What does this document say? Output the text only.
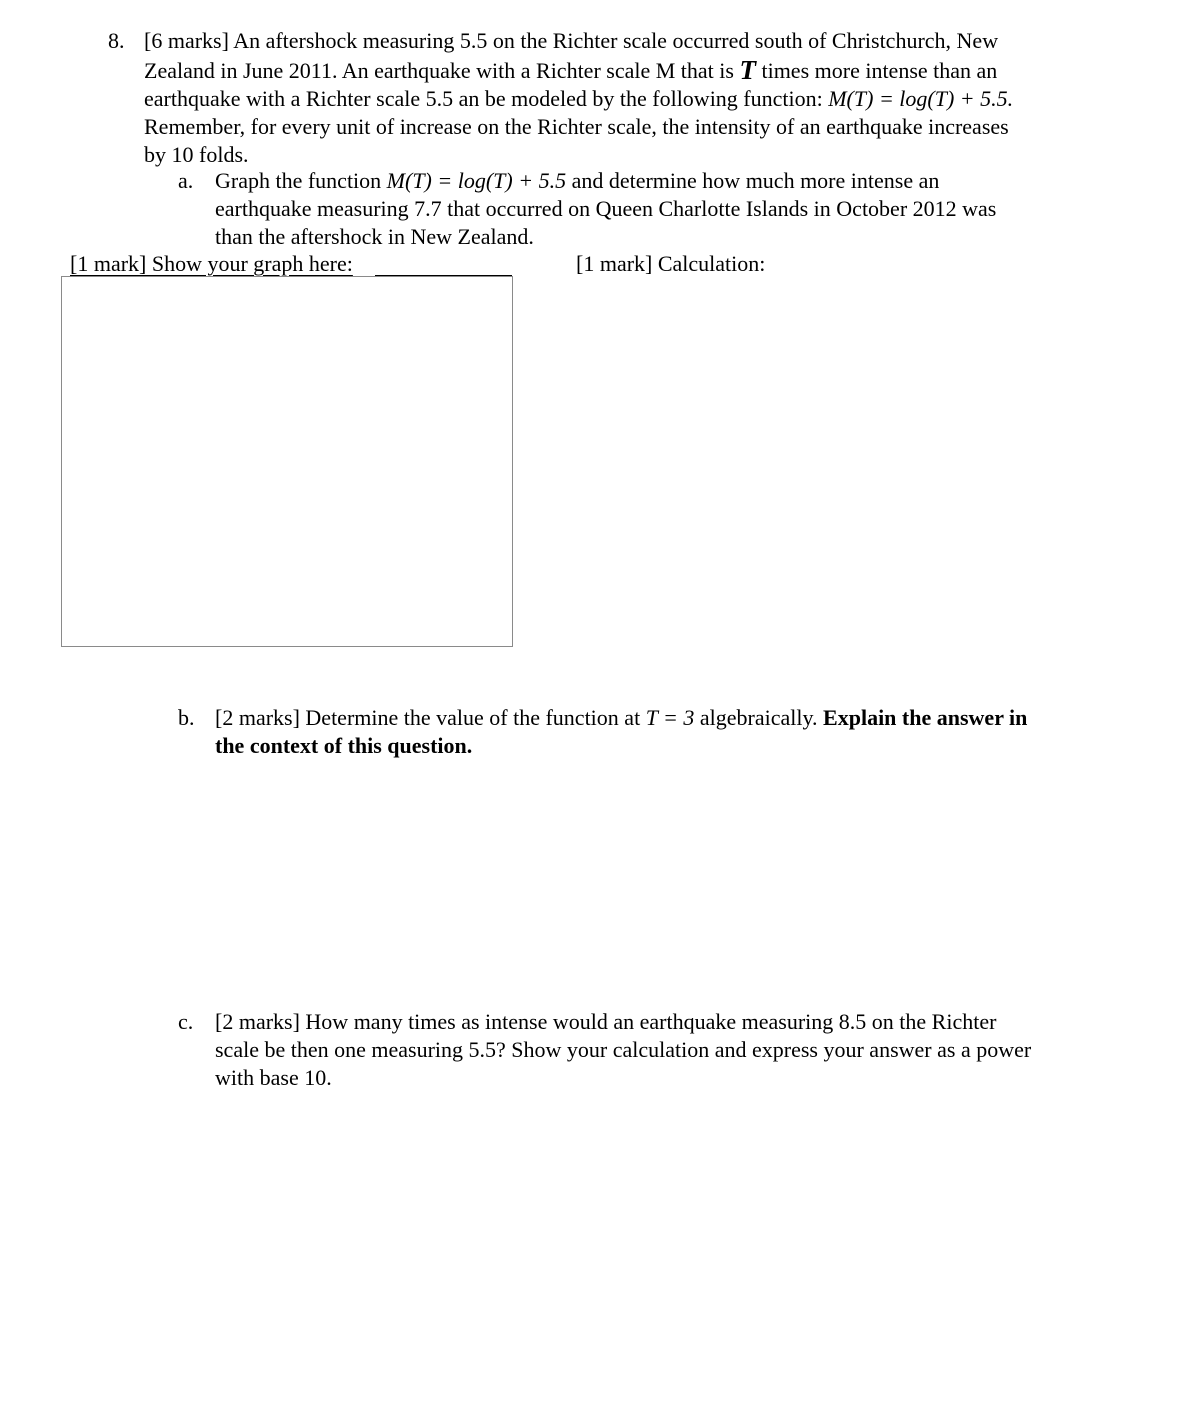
8. [6 marks] An aftershock measuring 5.5 on the Richter scale occurred south of Christchurch, New
Zealand in June 2011. An earthquake with a Richter scale M that is T times more intense than an
earthquake with a Richter scale 5.5 an be modeled by the following function: M(T) = log(T) + 5.5.
Remember, for every unit of increase on the Richter scale, the intensity of an earthquake increases
by 10 folds.
a. Graph the function M(T) = log(T) + 5.5 and determine how much more intense an
earthquake measuring 7.7 that occurred on Queen Charlotte Islands in October 2012 was
than the aftershock in New Zealand.
[1 mark] Show your graph here:	[1 mark] Calculation:
b. [2 marks] Determine the value of the function at T = 3 algebraically. Explain the answer in
the context of this question.
c. [2 marks] How many times as intense would an earthquake measuring 8.5 on the Richter
scale be then one measuring 5.5? Show your calculation and express your answer as a power
with base 10.
